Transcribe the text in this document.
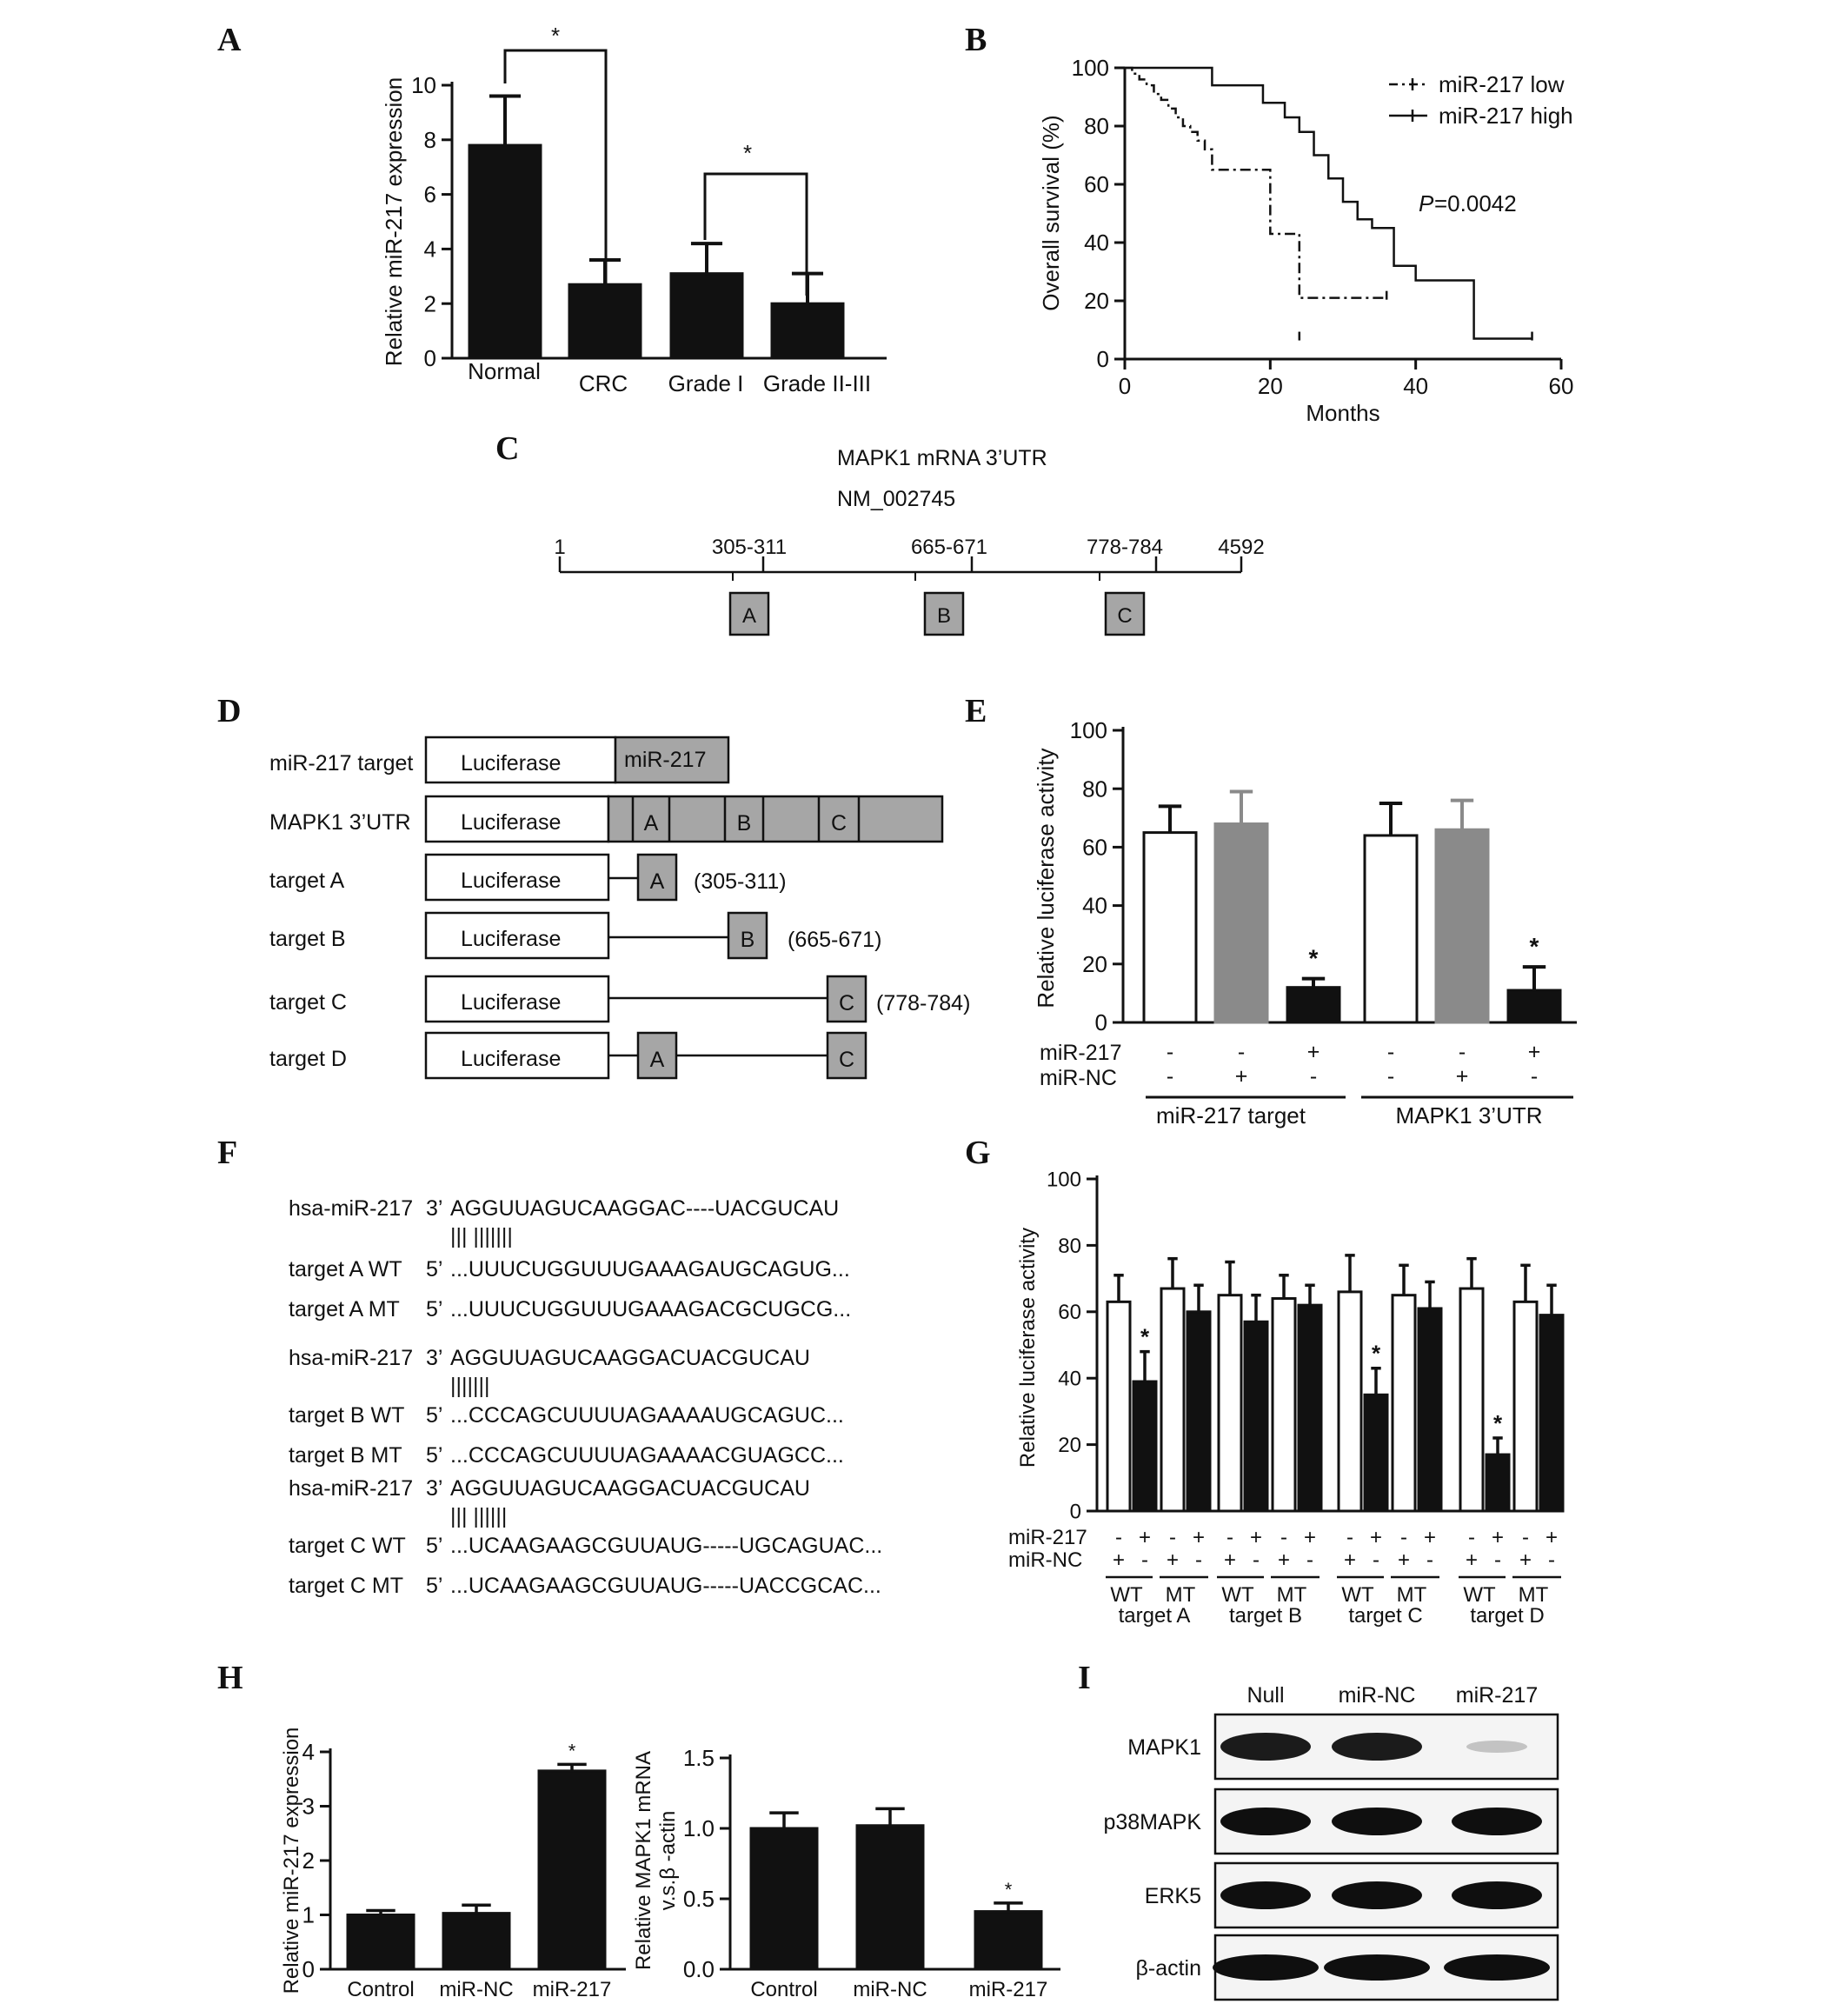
A	B
C
D	E
F	G
H	I
0
2
4
6
8
10
Normal CRC Grade I Grade II-III
Relative miR-217 expression
*
*
0
20
40
60
80
100
0	20	40	60
Months
Overall survival (%)
miR-217 low
miR-217 high
P =0.0042
MAPK1 mRNA 3’UTR
NM_002745
1	4592
305-311
A
665-671
B
778-784
C
miR-217 target Luciferase
MAPK1 3’UTR Luciferase
target A	Luciferase
target B	Luciferase
target C	Luciferase
target D	Luciferase
miR-217
A	B	C
A (305-311)
B (665-671)
C (778-784)
A	C
0
20
40
60
80
100
*	*
Relative luciferase activity
miR-217
miR-NC
-
-
-
+
+
-
-
-
-
+
+
-
miR-217 target	MAPK1 3’UTR
hsa-miR-217 3’ AGGUUAGUCAAGGAC----UACGUCAU
||| |||||||
target A WT 5’ ...UUUCUGGUUUGAAAGAUGCAGUG...
target A MT 5’ ...UUUCUGGUUUGAAAGACGCUGCG...
hsa-miR-217 3’ AGGUUAGUCAAGGACUACGUCAU
|||||||
target B WT 5’ ...CCCAGCUUUUAGAAAAUGCAGUC...
target B MT 5’ ...CCCAGCUUUUAGAAAACGUAGCC...
hsa-miR-217 3’ AGGUUAGUCAAGGACUACGUCAU
||| ||||||
target C WT 5’ ...UCAAGAAGCGUUAUG-----UGCAGUAC...
target C MT 5’ ...UCAAGAAGCGUUAUG-----UACCGCAC...
0
20
40
60
80
100
*
*
*
Relative luciferase activity
miR-217
miR-NC
-
+
+
-
-
+
+
-
-
+
+
-
-
+
+
-
-
+
+
-
-
+
+
-
-
+
+
-
-
+
+
-
WT MT
target A
WT MT
target B
WT MT
target C
WT MT
target D
0
1
2
3
4	*
Control miR-NC miR-217
Relative miR-217 expression	0.0
0.5
1.0
1.5
*
Control miR-NC miR-217
Relative MAPK1 mRNA v.s.β -actin
Null miR-NC miR-217
MAPK1
p38MAPK
ERK5
β-actin
